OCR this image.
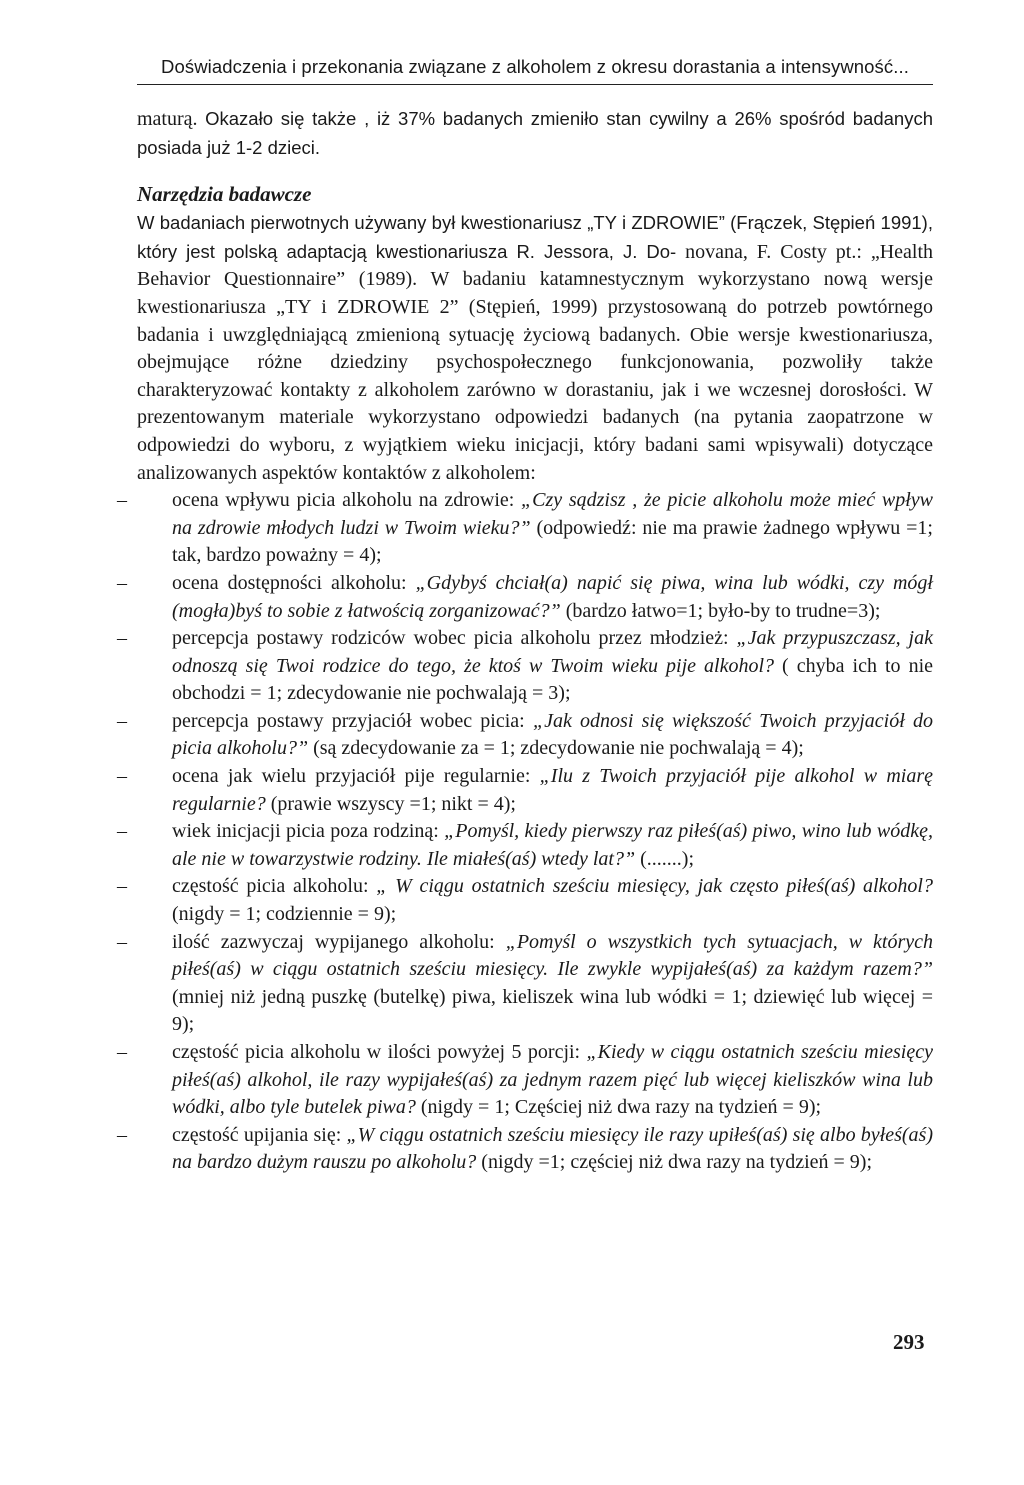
Doświadczenia i przekonania związane z alkoholem z okresu dorastania a intensywność...
maturą. Okazało się także , iż 37% badanych zmieniło stan cywilny a 26% spośród badanych posiada już 1-2 dzieci.
Narzędzia badawcze
W badaniach pierwotnych używany był kwestionariusz „TY i ZDROWIE” (Frączek, Stępień 1991), który jest polską adaptacją kwestionariusza R. Jessora, J. Do- novana, F. Costy pt.: „Health Behavior Questionnaire” (1989). W badaniu katamnestycznym wykorzystano nową wersje kwestionariusza „TY i ZDROWIE 2” (Stępień, 1999) przystosowaną do potrzeb powtórnego badania i uwzględniającą zmienioną sytuację życiową badanych. Obie wersje kwestionariusza, obejmujące różne dziedziny psychospołecznego funkcjonowania, pozwoliły także charakteryzować kontakty z alkoholem zarówno w dorastaniu, jak i we wczesnej dorosłości. W prezentowanym materiale wykorzystano odpowiedzi badanych (na pytania zaopatrzone w odpowiedzi do wyboru, z wyjątkiem wieku inicjacji, który badani sami wpisywali) dotyczące analizowanych aspektów kontaktów z alkoholem:
– ocena wpływu picia alkoholu na zdrowie: „Czy sądzisz , że picie alkoholu może mieć wpływ na zdrowie młodych ludzi w Twoim wieku?” (odpowiedź: nie ma prawie żadnego wpływu =1; tak, bardzo poważny = 4);
– ocena dostępności alkoholu: „Gdybyś chciał(a) napić się piwa, wina lub wódki, czy mógł (mogła)byś to sobie z łatwością zorganizować?” (bardzo łatwo=1; było-by to trudne=3);
– percepcja postawy rodziców wobec picia alkoholu przez młodzież: „Jak przypuszczasz, jak odnoszą się Twoi rodzice do tego, że ktoś w Twoim wieku pije alkohol? ( chyba ich to nie obchodzi = 1; zdecydowanie nie pochwalają = 3);
– percepcja postawy przyjaciół wobec picia: „Jak odnosi się większość Twoich przyjaciół do picia alkoholu?” (są zdecydowanie za = 1; zdecydowanie nie pochwalają = 4);
– ocena jak wielu przyjaciół pije regularnie: „Ilu z Twoich przyjaciół pije alkohol w miarę regularnie? (prawie wszyscy =1; nikt = 4);
– wiek inicjacji picia poza rodziną: „Pomyśl, kiedy pierwszy raz piłeś(aś) piwo, wino lub wódkę, ale nie w towarzystwie rodziny. Ile miałeś(aś) wtedy lat?” (.......);
– częstość picia alkoholu: „ W ciągu ostatnich sześciu miesięcy, jak często piłeś(aś) alkohol? (nigdy = 1; codziennie = 9);
– ilość zazwyczaj wypijanego alkoholu: „Pomyśl o wszystkich tych sytuacjach, w których piłeś(aś) w ciągu ostatnich sześciu miesięcy. Ile zwykle wypijałeś(aś) za każdym razem?” (mniej niż jedną puszkę (butelkę) piwa, kieliszek wina lub wódki = 1; dziewięć lub więcej = 9);
– częstość picia alkoholu w ilości powyżej 5 porcji: „Kiedy w ciągu ostatnich sześciu miesięcy piłeś(aś) alkohol, ile razy wypijałeś(aś) za jednym razem pięć lub więcej kieliszków wina lub wódki, albo tyle butelek piwa? (nigdy = 1; Częściej niż dwa razy na tydzień = 9);
– częstość upijania się: „W ciągu ostatnich sześciu miesięcy ile razy upiłeś(aś) się albo byłeś(aś) na bardzo dużym rauszu po alkoholu? (nigdy =1; częściej niż dwa razy na tydzień = 9);
293
